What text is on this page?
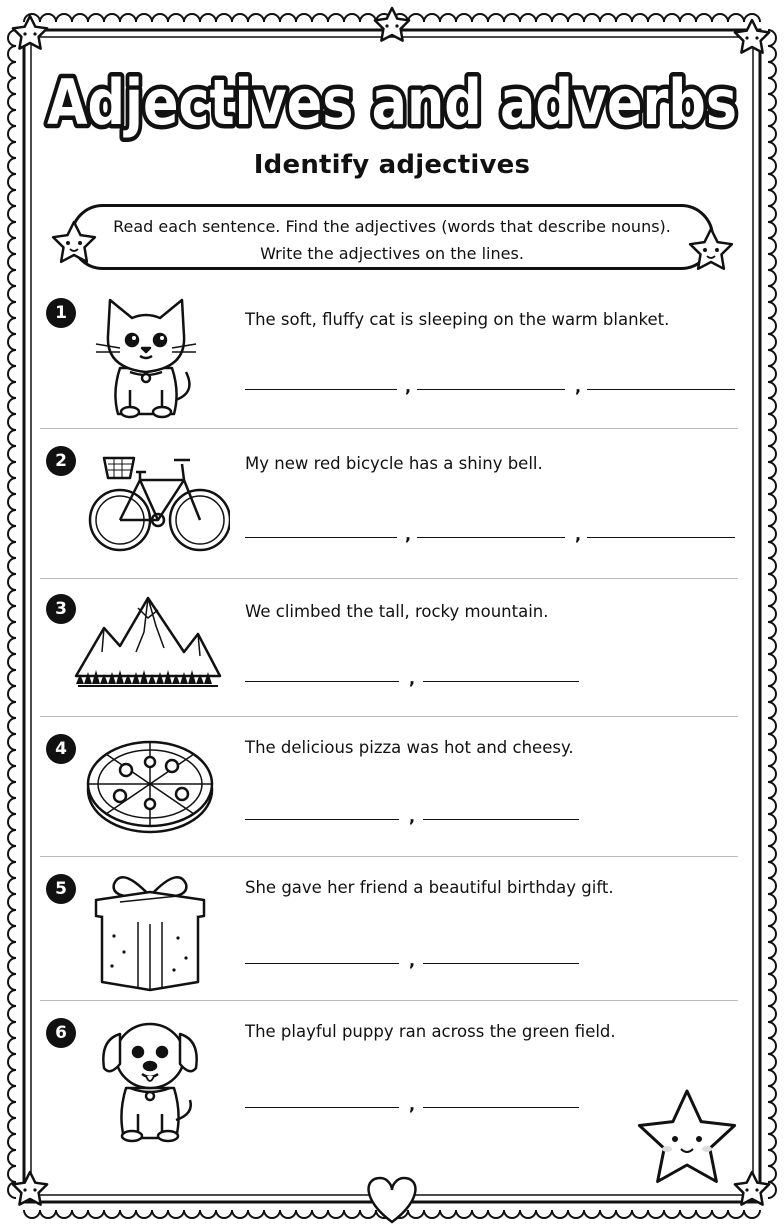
Adjectives and adverbs
Identify adjectives
Read each sentence. Find the adjectives (words that describe nouns).
Write the adjectives on the lines.
1	The soft, fluffy cat is sleeping on the warm blanket.
,	,
2	My new red bicycle has a shiny bell.
,	,
3	We climbed the tall, rocky mountain.
,
4	The delicious pizza was hot and cheesy.
,
5	She gave her friend a beautiful birthday gift.
,
6	The playful puppy ran across the green field.
,
